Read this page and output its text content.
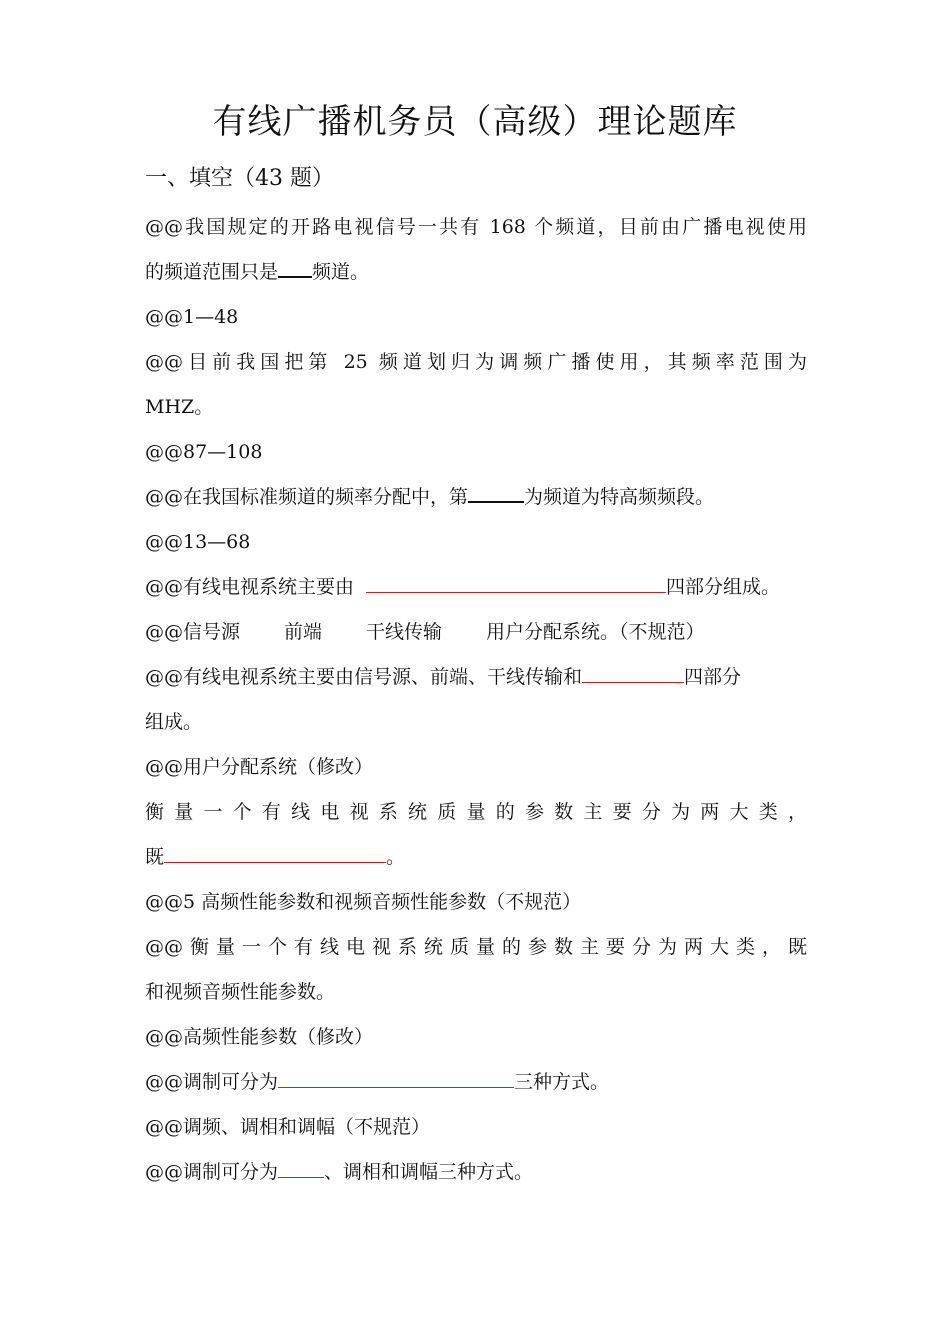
有线广播机务员（高级）理论题库
一、填空（43 题）
@@我国规定的开路电视信号一共有 168 个频道，目前由广播电视使用
的频道范围只是 频道。
@@1—48
@@目前我国把第 25 频道划归为调频广播使用，其频率范围为
MHZ。
@@87—108
@@在我国标准频道的频率分配中，第	为频道为特高频频段。
@@13—68
@@有线电视系统主要由	四部分组成。
@@信号源 前端 干线传输 用户分配系统。（不规范）
@@有线电视系统主要由信号源、前端、干线传输和	四部分
组成。
@@用户分配系统（修改）
衡量一个有线电视系统质量的参数主要分为两大类，
既	。
@@5 高频性能参数和视频音频性能参数（不规范）
@@衡量一个有线电视系统质量的参数主要分为两大类，既
和视频音频性能参数。
@@高频性能参数（修改）
@@调制可分为	三种方式。
@@调频、调相和调幅（不规范）
@@调制可分为 、调相和调幅三种方式。
